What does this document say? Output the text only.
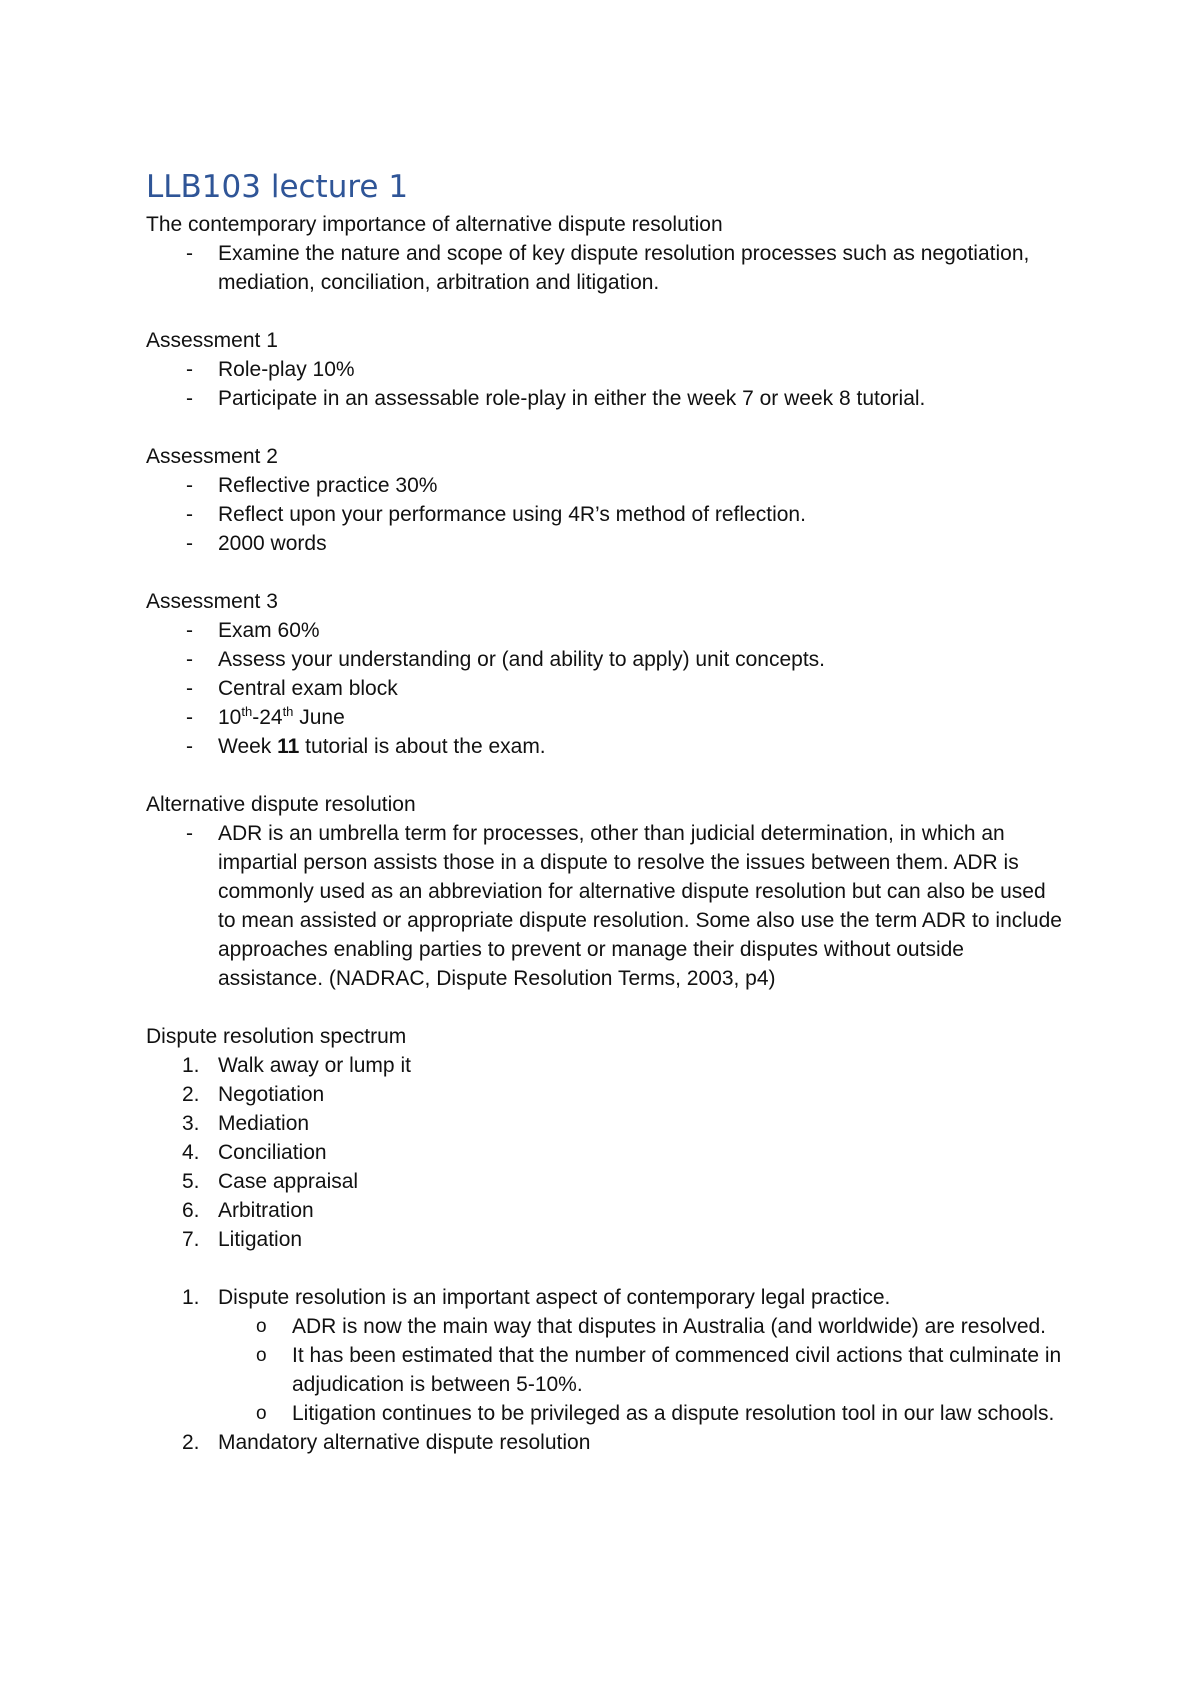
LLB103 lecture 1

The contemporary importance of alternative dispute resolution

- Examine the nature and scope of key dispute resolution processes such as negotiation, mediation, conciliation, arbitration and litigation.

Assessment 1

- Role-play 10%
- Participate in an assessable role-play in either the week 7 or week 8 tutorial.

Assessment 2

- Reflective practice 30%
- Reflect upon your performance using 4R’s method of reflection.
- 2000 words

Assessment 3

- Exam 60%
- Assess your understanding or (and ability to apply) unit concepts.
- Central exam block
- 10th-24th June
- Week 11 tutorial is about the exam.

Alternative dispute resolution

- ADR is an umbrella term for processes, other than judicial determination, in which an impartial person assists those in a dispute to resolve the issues between them. ADR is commonly used as an abbreviation for alternative dispute resolution but can also be used to mean assisted or appropriate dispute resolution. Some also use the term ADR to include approaches enabling parties to prevent or manage their disputes without outside assistance. (NADRAC, Dispute Resolution Terms, 2003, p4)

Dispute resolution spectrum

1. Walk away or lump it
2. Negotiation
3. Mediation
4. Conciliation
5. Case appraisal
6. Arbitration
7. Litigation
1. Dispute resolution is an important aspect of contemporary legal practice.
o ADR is now the main way that disputes in Australia (and worldwide) are resolved.
o It has been estimated that the number of commenced civil actions that culminate in adjudication is between 5-10%.
o Litigation continues to be privileged as a dispute resolution tool in our law schools.
2. Mandatory alternative dispute resolution
